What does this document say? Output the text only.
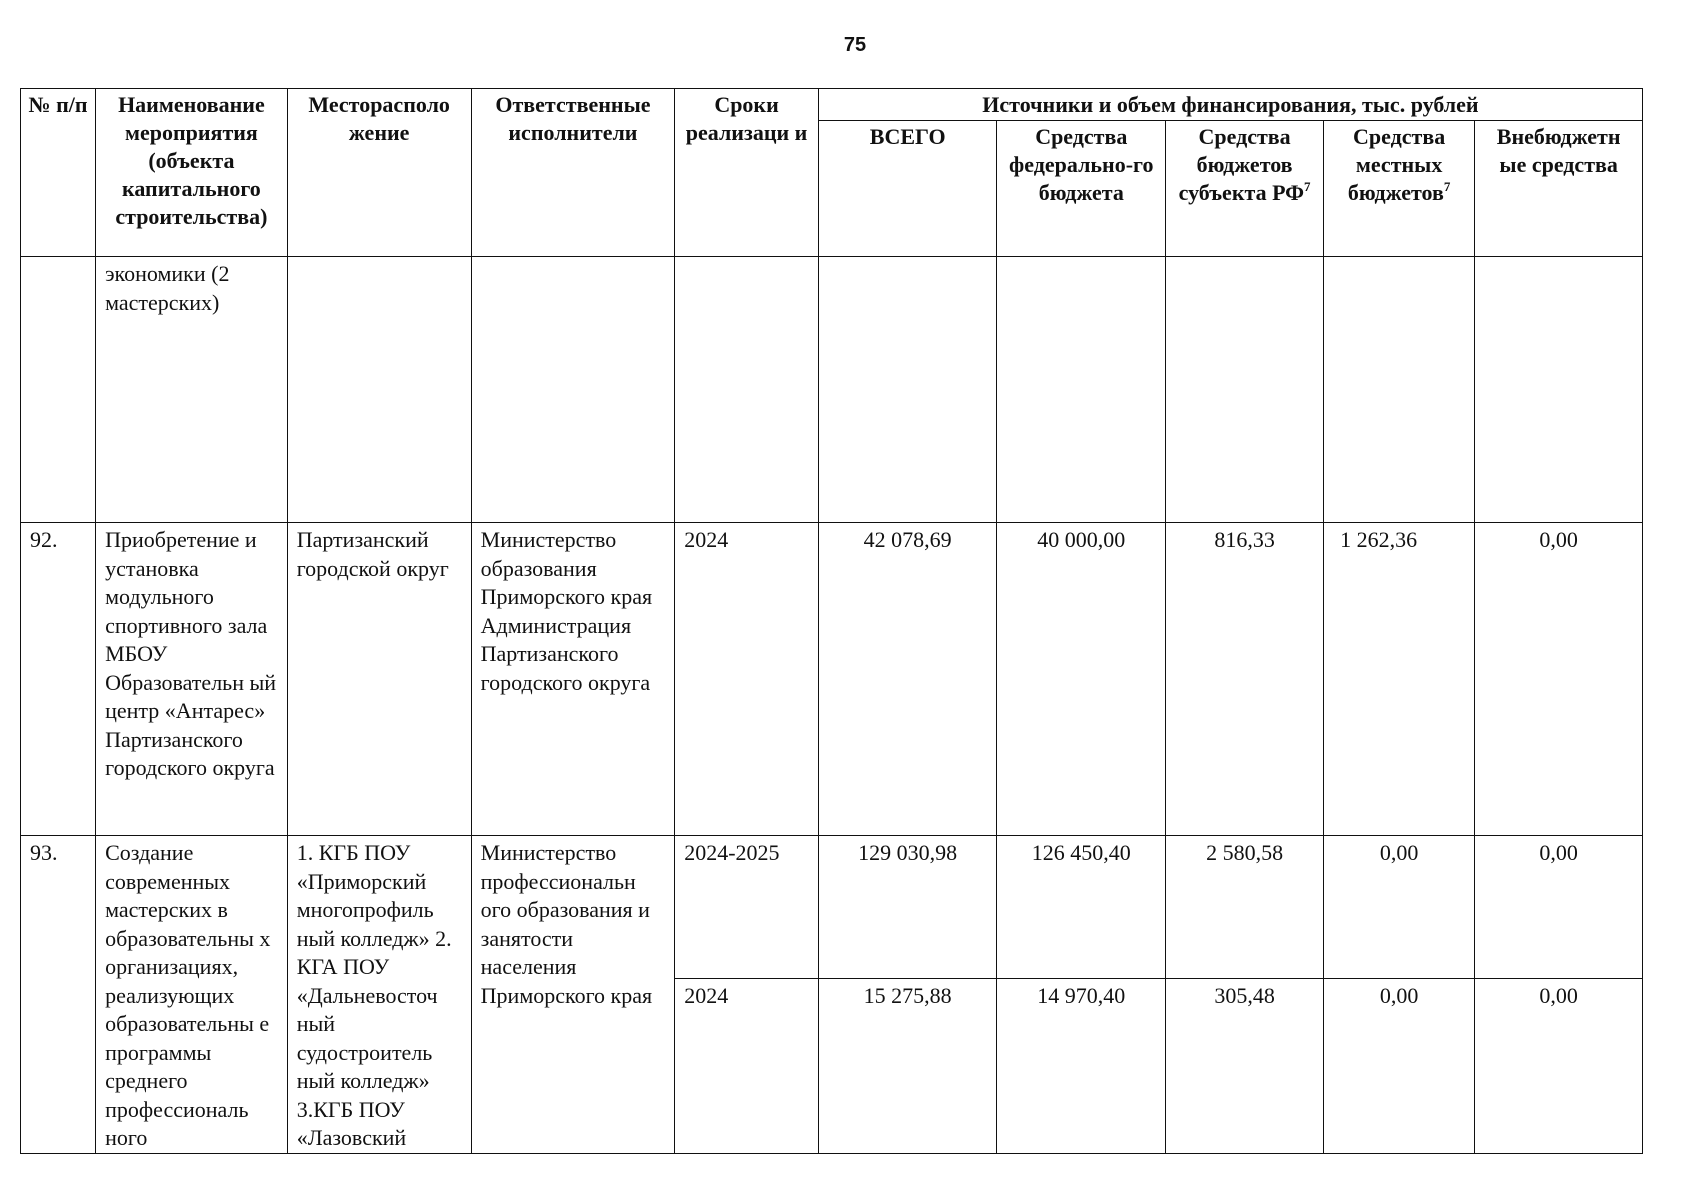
75
№ п/п	Наименование мероприятия (объекта капитального строительства)	Месторасполо жение	Ответственные исполнители	Сроки реализаци и	Источники и объем финансирования, тыс. рублей				
					ВСЕГО	Средства федерально-го бюджета	Средства бюджетов субъекта $РФ^7$	Средства местных бюджетов$^7$	Внебюджетн ые средства
	экономики (2 мастерских)								
92.	Приобретение и установка модульного спортивного зала МБОУ Образовательн ый центр «Антарес» Партизанского городского округа	Партизанский городской округ	Министерство образования Приморского края Администрация Партизанского городского округа	2024	42 078,69	40 000,00	816,33	1 262,36	0,00
93.	Создание современных мастерских в образовательны х организациях, реализующих образовательны е программы среднего профессиональ ного	1. КГБ ПОУ «Приморский многопрофиль ный колледж» 2. КГА ПОУ «Дальневосточ ный судостроитель ный колледж» 3.КГБ ПОУ «Лазовский	Министерство профессиональн ого образования и занятости населения Приморского края	2024-2025	129 030,98	126 450,40	2 580,58	0,00	0,00
				2024	15 275,88	14 970,40	305,48	0,00	0,00
